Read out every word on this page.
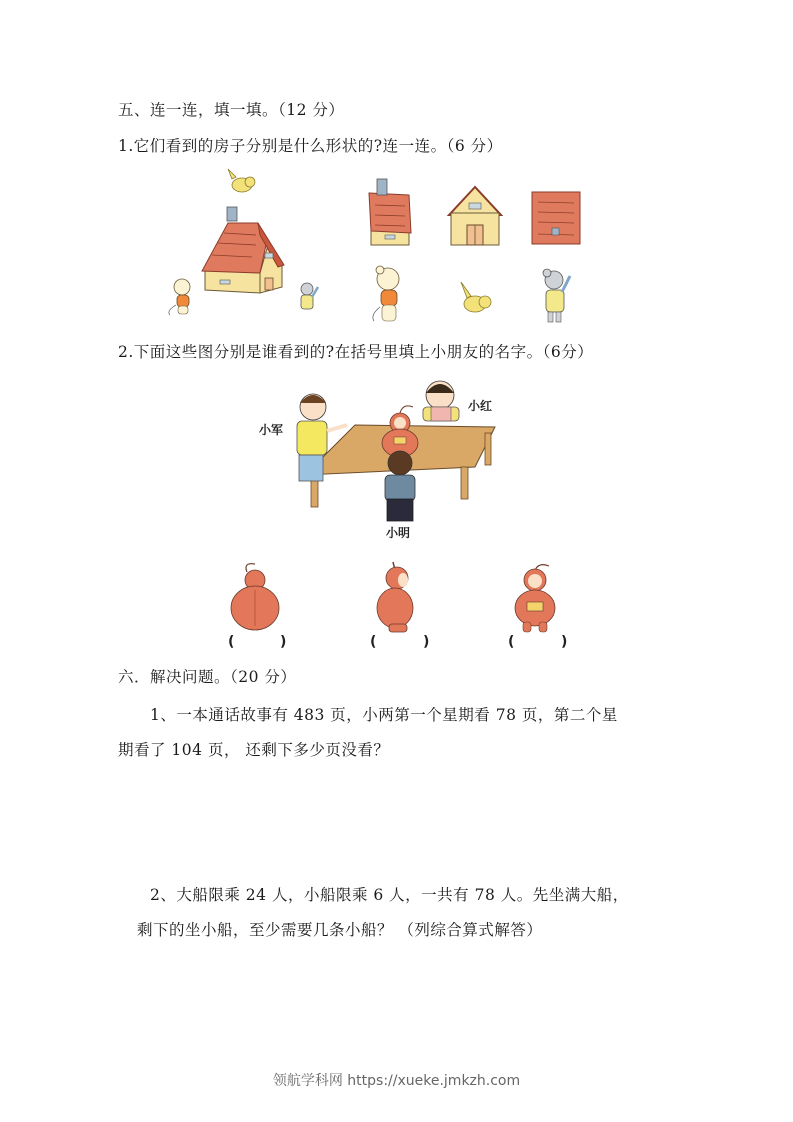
五、连一连，填一填。（12 分）
1.它们看到的房子分别是什么形状的?连一连。（6 分）
2.下面这些图分别是谁看到的?在括号里填上小朋友的名字。（6分）
小军
小红
小明
(	)	(	)	(	)
六．解决问题。（20 分）
1、一本通话故事有 483 页，小两第一个星期看 78 页，第二个星
期看了 104 页， 还剩下多少页没看？
2、大船限乘 24 人，小船限乘 6 人，一共有 78 人。先坐满大船，
剩下的坐小船，至少需要几条小船？ （列综合算式解答）
领航学科网 https://xueke.jmkzh.com
